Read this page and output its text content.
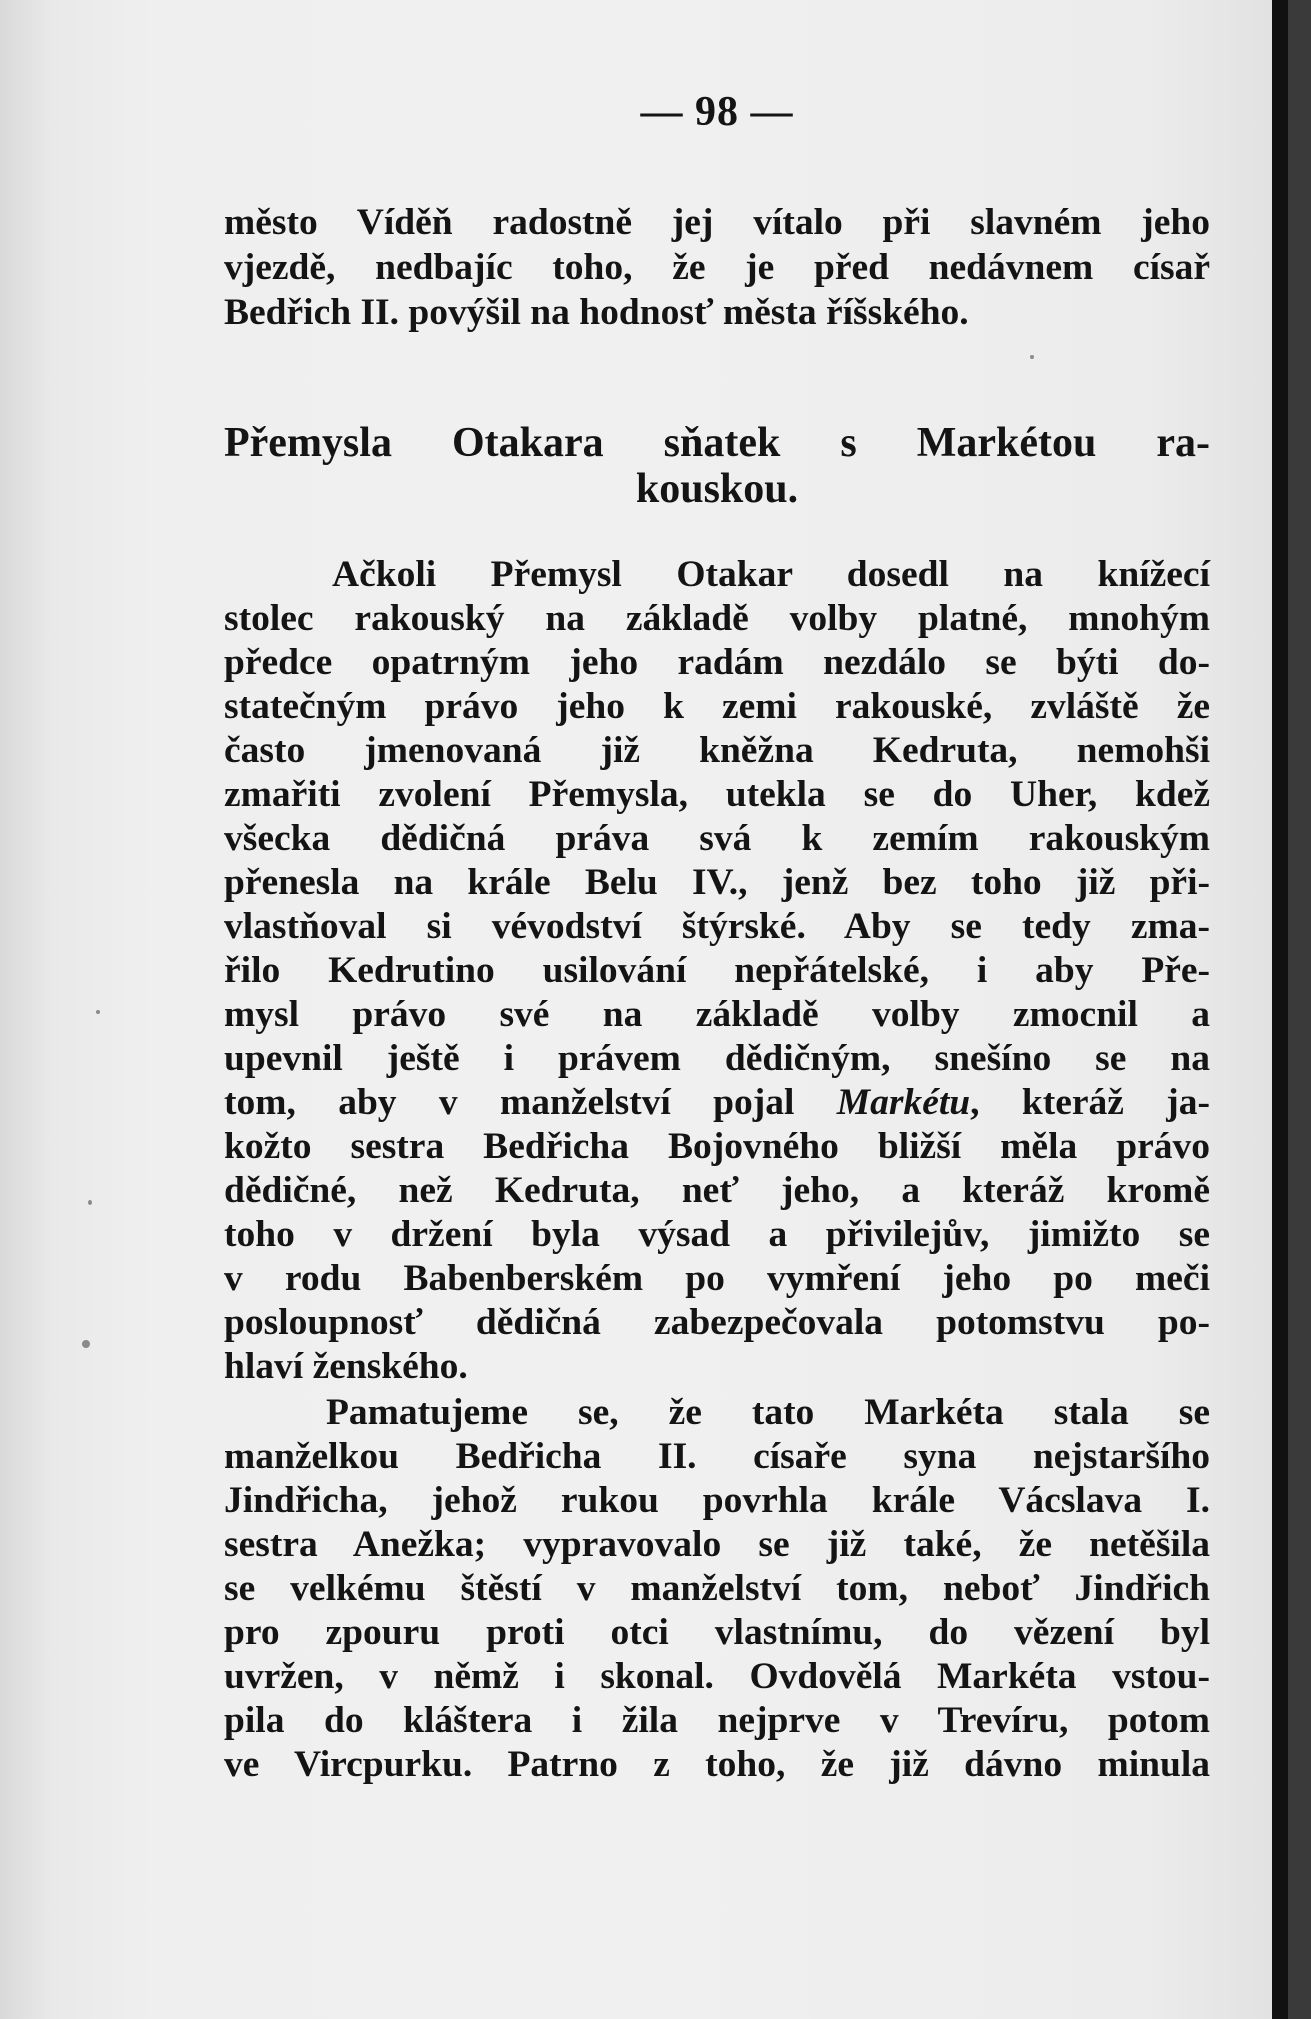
— 98 —
město Víděň radostně jej vítalo při slavném jeho
vjezdě, nedbajíc toho, že je před nedávnem císař
Bedřich II. povýšil na hodnosť města říšského.
Přemysla Otakara sňatek s Markétou ra-
kouskou.
Ačkoli Přemysl Otakar dosedl na knížecí
stolec rakouský na základě volby platné, mnohým
předce opatrným jeho radám nezdálo se býti do-
statečným právo jeho k zemi rakouské, zvláště že
často jmenovaná již kněžna Kedruta, nemohši
zmařiti zvolení Přemysla, utekla se do Uher, kdež
všecka dědičná práva svá k zemím rakouským
přenesla na krále Belu IV., jenž bez toho již při-
vlastňoval si vévodství štýrské. Aby se tedy zma-
řilo Kedrutino usilování nepřátelské, i aby Pře-
mysl právo své na základě volby zmocnil a
upevnil ještě i právem dědičným, snešíno se na
tom, aby v manželství pojal Markétu, kteráž ja-
kožto sestra Bedřicha Bojovného bližší měla právo
dědičné, než Kedruta, neť jeho, a kteráž kromě
toho v držení byla výsad a přivilejův, jimižto se
v rodu Babenberském po vymření jeho po meči
posloupnosť dědičná zabezpečovala potomstvu po-
hlaví ženského.
Pamatujeme se, že tato Markéta stala se
manželkou Bedřicha II. císaře syna nejstaršího
Jindřicha, jehož rukou povrhla krále Vácslava I.
sestra Anežka; vypravovalo se již také, že netěšila
se velkému štěstí v manželství tom, neboť Jindřich
pro zpouru proti otci vlastnímu, do vězení byl
uvržen, v němž i skonal. Ovdovělá Markéta vstou-
pila do kláštera i žila nejprve v Trevíru, potom
ve Vircpurku. Patrno z toho, že již dávno minula
